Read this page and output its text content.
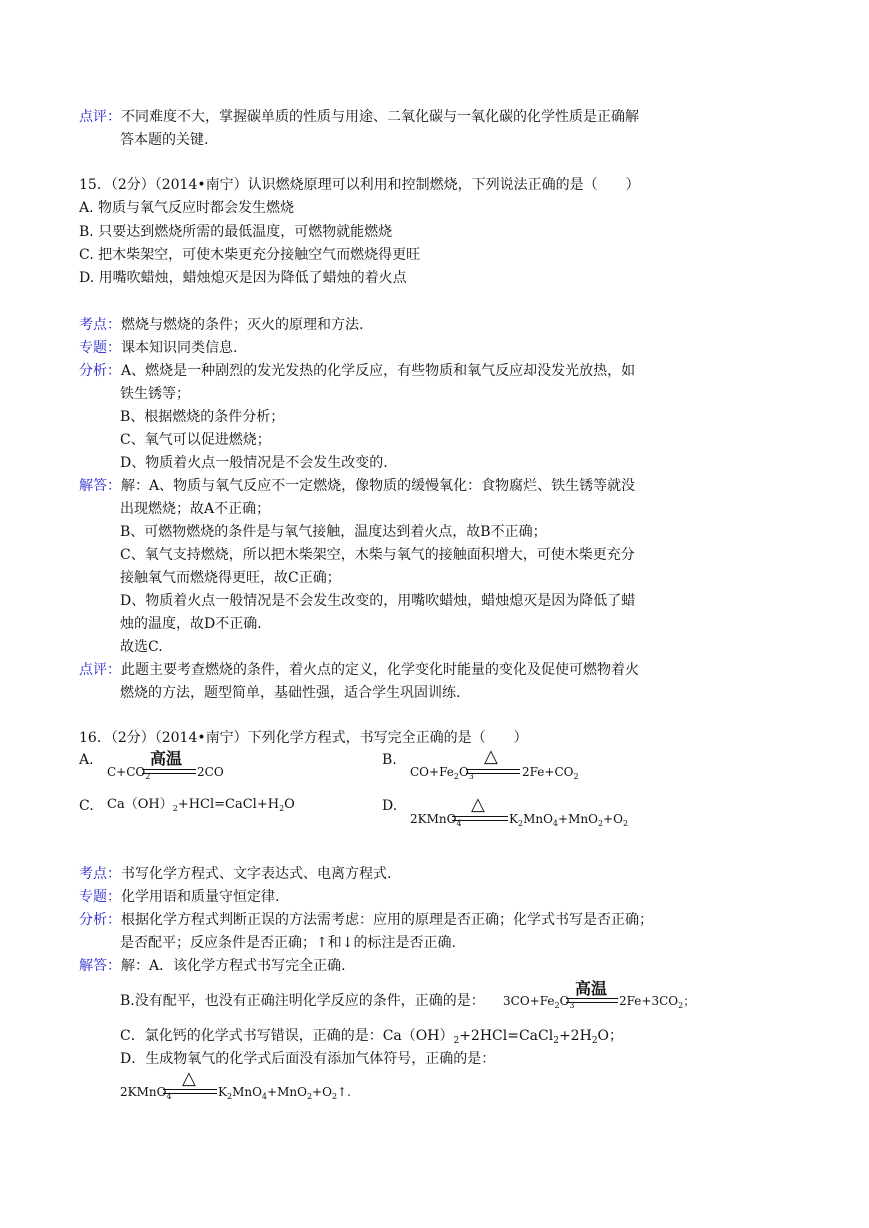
点评：不同难度不大，掌握碳单质的性质与用途、二氧化碳与一氧化碳的化学性质是正确解
答本题的关键.
15．（2分）（2014•南宁）认识燃烧原理可以利用和控制燃烧，下列说法正确的是（　　）
A. 物质与氧气反应时都会发生燃烧
B. 只要达到燃烧所需的最低温度，可燃物就能燃烧
C. 把木柴架空，可使木柴更充分接触空气而燃烧得更旺
D. 用嘴吹蜡烛，蜡烛熄灭是因为降低了蜡烛的着火点
考点：燃烧与燃烧的条件；灭火的原理和方法.
专题：课本知识同类信息.
分析：A、燃烧是一种剧烈的发光发热的化学反应，有些物质和氧气反应却没发光放热，如
铁生锈等；
B、根据燃烧的条件分析；
C、氧气可以促进燃烧；
D、物质着火点一般情况是不会发生改变的.
解答：解：A、物质与氧气反应不一定燃烧，像物质的缓慢氧化：食物腐烂、铁生锈等就没
出现燃烧；故A不正确；
B、可燃物燃烧的条件是与氧气接触，温度达到着火点，故B不正确；
C、氧气支持燃烧，所以把木柴架空，木柴与氧气的接触面积增大，可使木柴更充分
接触氧气而燃烧得更旺，故C正确；
D、物质着火点一般情况是不会发生改变的，用嘴吹蜡烛，蜡烛熄灭是因为降低了蜡
烛的温度，故D不正确.
故选C.
点评：此题主要考查燃烧的条件，着火点的定义，化学变化时能量的变化及促使可燃物着火
燃烧的方法，题型简单，基础性强，适合学生巩固训练.
16．（2分）（2014•南宁）下列化学方程式，书写完全正确的是（　　）
A.	高温
$C+CO_2$	2CO
B.	△
$CO+Fe_2O_3$	$2Fe+CO_2$
C. $Ca(OH)_2+HCl=CaCl+H_2O$	D.	△
2KMnO$_4$	$K_2MnO_4+MnO_2+O_2$
考点：书写化学方程式、文字表达式、电离方程式.
专题：化学用语和质量守恒定律.
分析：根据化学方程式判断正误的方法需考虑：应用的原理是否正确；化学式书写是否正确；
是否配平；反应条件是否正确；↑和↓的标注是否正确.
解答：解：A．该化学方程式书写完全正确.
B.没有配平，也没有正确注明化学反应的条件，正确的是：
高温
$3CO+Fe_2O_3$	$2Fe+3CO_2$；
C．氯化钙的化学式书写错误，正确的是：$Ca(OH)_2+2HCl=CaCl_2+2H_2O$；
D．生成物氧气的化学式后面没有添加气体符号，正确的是：
△
2KMnO$_4$	$K_2MnO_4+MnO_2+O_2↑$.
